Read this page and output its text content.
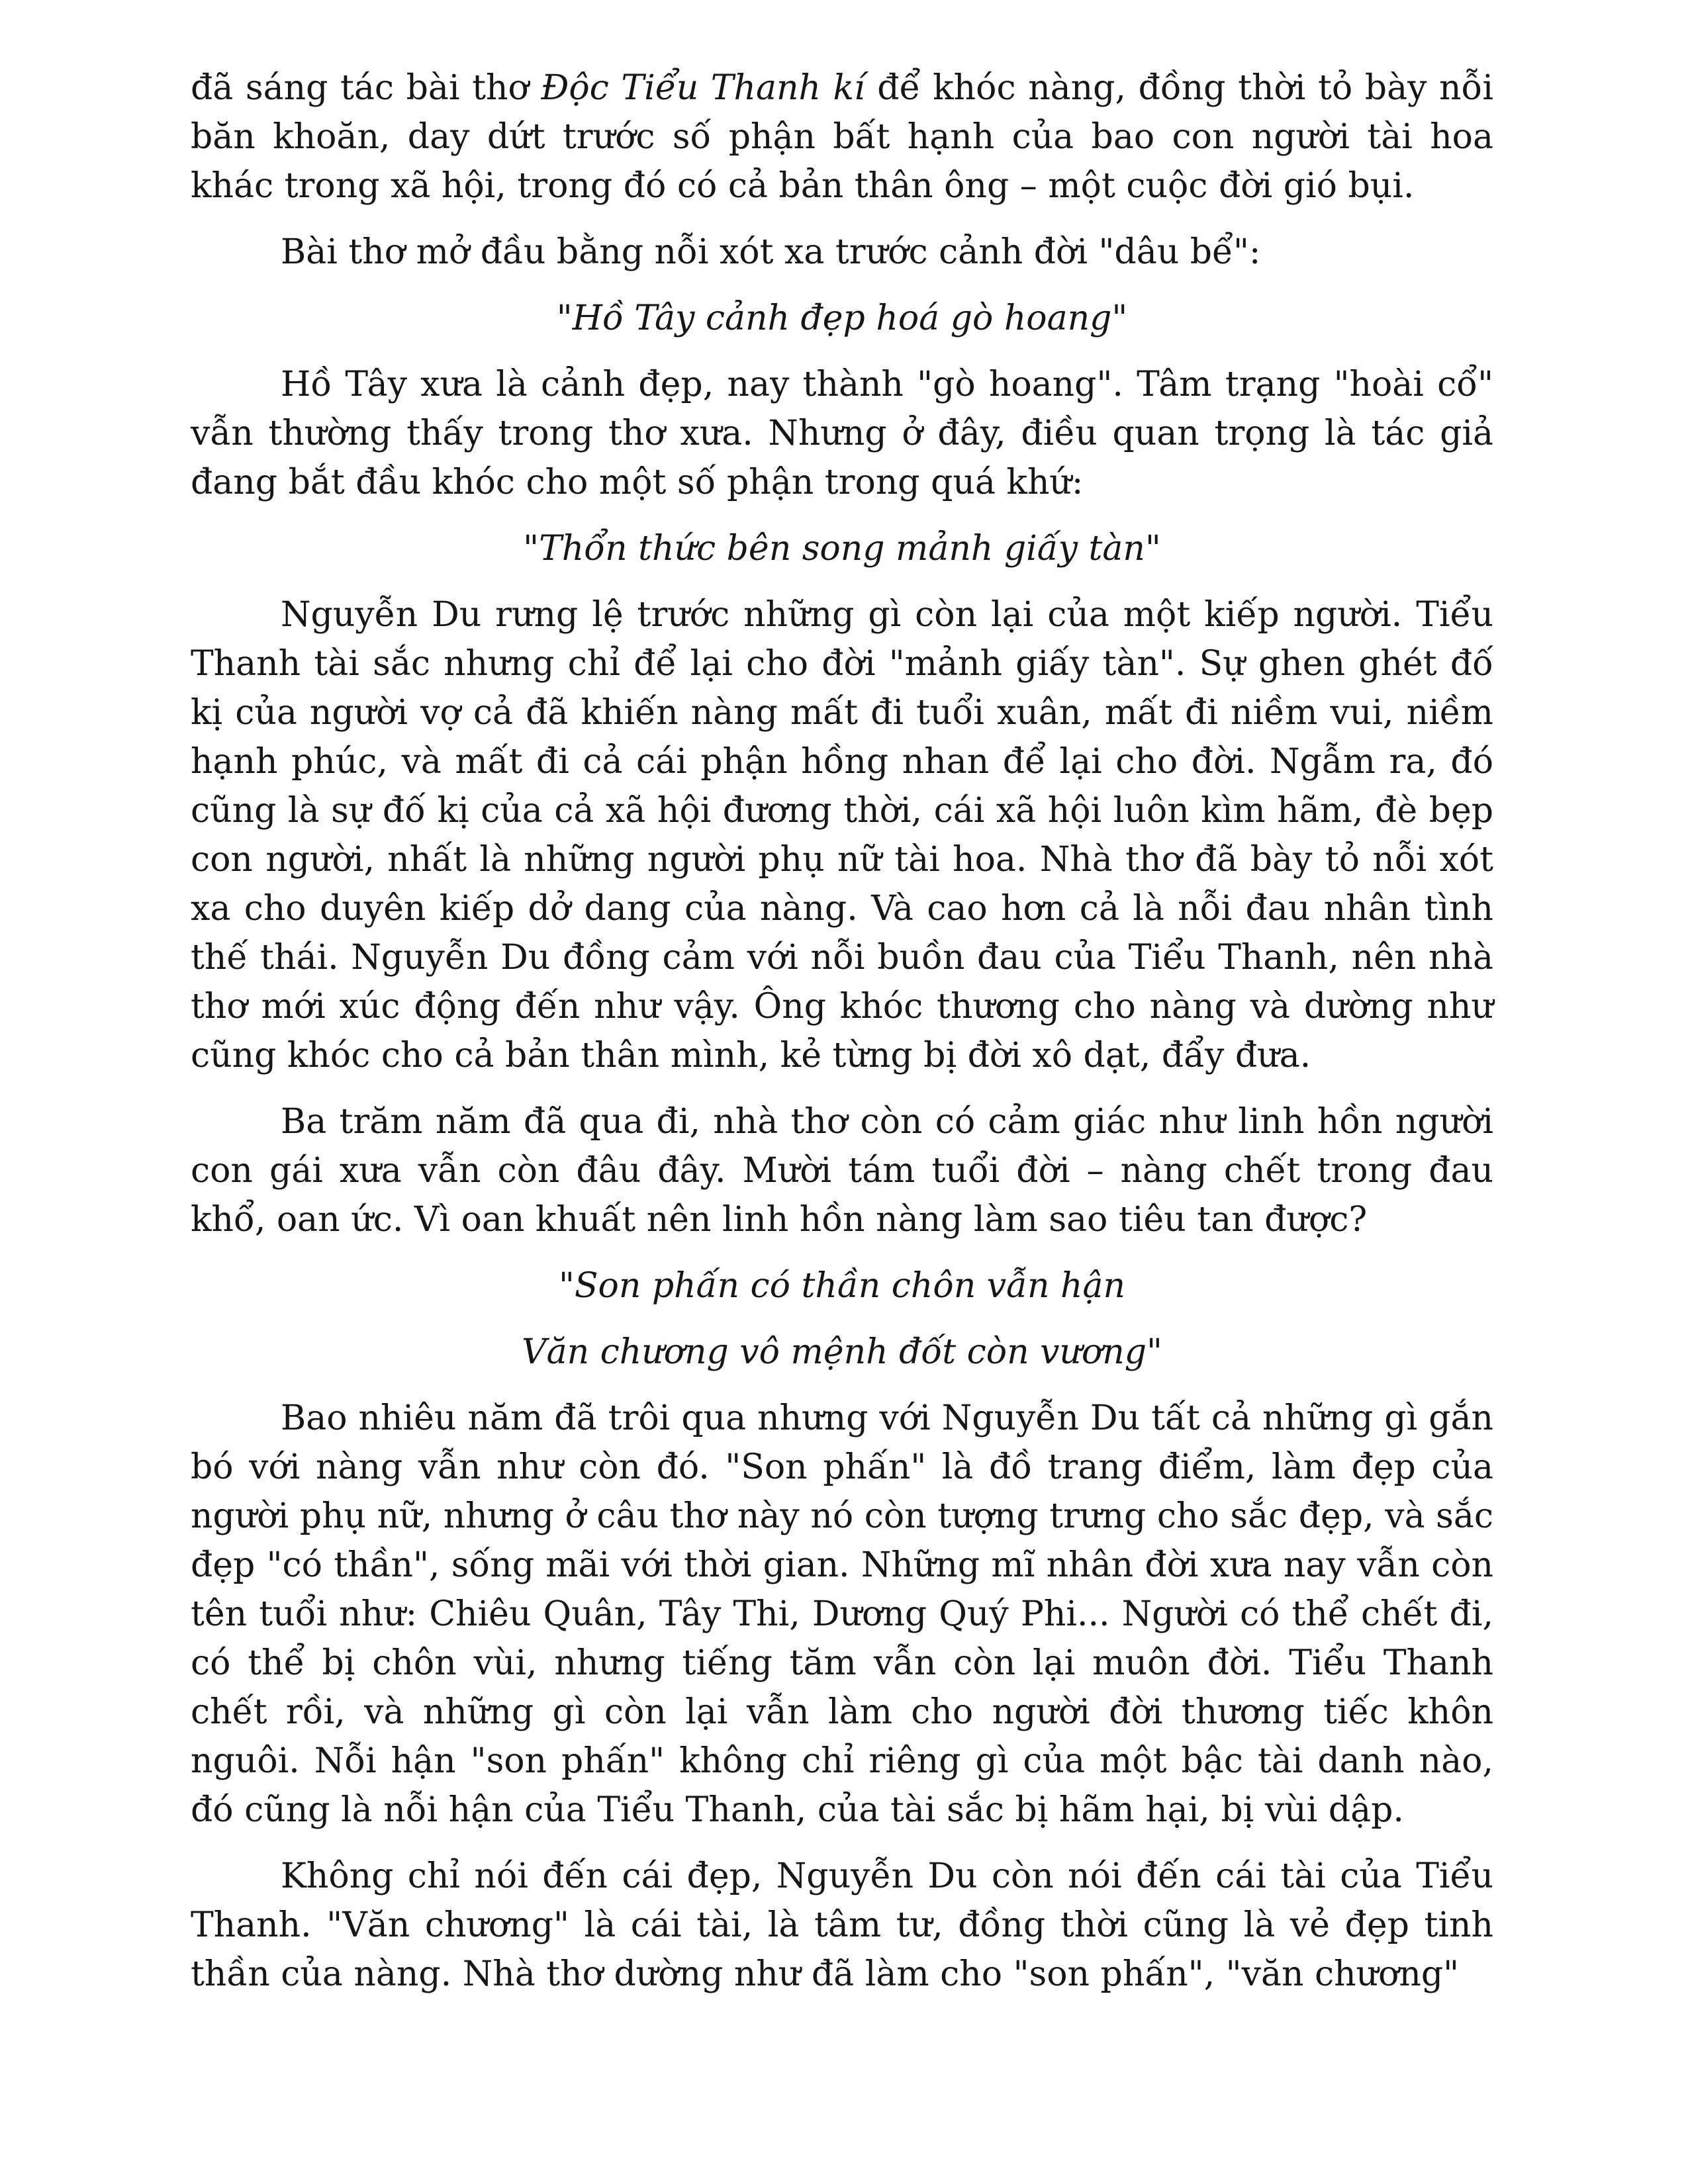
đã sáng tác bài thơ Độc Tiểu Thanh kí để khóc nàng, đồng thời tỏ bày nỗi băn khoăn, day dứt trước số phận bất hạnh của bao con người tài hoa khác trong xã hội, trong đó có cả bản thân ông – một cuộc đời gió bụi.

Bài thơ mở đầu bằng nỗi xót xa trước cảnh đời "dâu bể":

"Hồ Tây cảnh đẹp hoá gò hoang"

Hồ Tây xưa là cảnh đẹp, nay thành "gò hoang". Tâm trạng "hoài cổ" vẫn thường thấy trong thơ xưa. Nhưng ở đây, điều quan trọng là tác giả đang bắt đầu khóc cho một số phận trong quá khứ:

"Thổn thức bên song mảnh giấy tàn"

Nguyễn Du rưng lệ trước những gì còn lại của một kiếp người. Tiểu Thanh tài sắc nhưng chỉ để lại cho đời "mảnh giấy tàn". Sự ghen ghét đố kị của người vợ cả đã khiến nàng mất đi tuổi xuân, mất đi niềm vui, niềm hạnh phúc, và mất đi cả cái phận hồng nhan để lại cho đời. Ngẫm ra, đó cũng là sự đố kị của cả xã hội đương thời, cái xã hội luôn kìm hãm, đè bẹp con người, nhất là những người phụ nữ tài hoa. Nhà thơ đã bày tỏ nỗi xót xa cho duyên kiếp dở dang của nàng. Và cao hơn cả là nỗi đau nhân tình thế thái. Nguyễn Du đồng cảm với nỗi buồn đau của Tiểu Thanh, nên nhà thơ mới xúc động đến như vậy. Ông khóc thương cho nàng và dường như cũng khóc cho cả bản thân mình, kẻ từng bị đời xô dạt, đẩy đưa.

Ba trăm năm đã qua đi, nhà thơ còn có cảm giác như linh hồn người con gái xưa vẫn còn đâu đây. Mười tám tuổi đời – nàng chết trong đau khổ, oan ức. Vì oan khuất nên linh hồn nàng làm sao tiêu tan được?

"Son phấn có thần chôn vẫn hận
Văn chương vô mệnh đốt còn vương"

Bao nhiêu năm đã trôi qua nhưng với Nguyễn Du tất cả những gì gắn bó với nàng vẫn như còn đó. "Son phấn" là đồ trang điểm, làm đẹp của người phụ nữ, nhưng ở câu thơ này nó còn tượng trưng cho sắc đẹp, và sắc đẹp "có thần", sống mãi với thời gian. Những mĩ nhân đời xưa nay vẫn còn tên tuổi như: Chiêu Quân, Tây Thi, Dương Quý Phi... Người có thể chết đi, có thể bị chôn vùi, nhưng tiếng tăm vẫn còn lại muôn đời. Tiểu Thanh chết rồi, và những gì còn lại vẫn làm cho người đời thương tiếc khôn nguôi. Nỗi hận "son phấn" không chỉ riêng gì của một bậc tài danh nào, đó cũng là nỗi hận của Tiểu Thanh, của tài sắc bị hãm hại, bị vùi dập.

Không chỉ nói đến cái đẹp, Nguyễn Du còn nói đến cái tài của Tiểu Thanh. "Văn chương" là cái tài, là tâm tư, đồng thời cũng là vẻ đẹp tinh thần của nàng. Nhà thơ dường như đã làm cho "son phấn", "văn chương"
